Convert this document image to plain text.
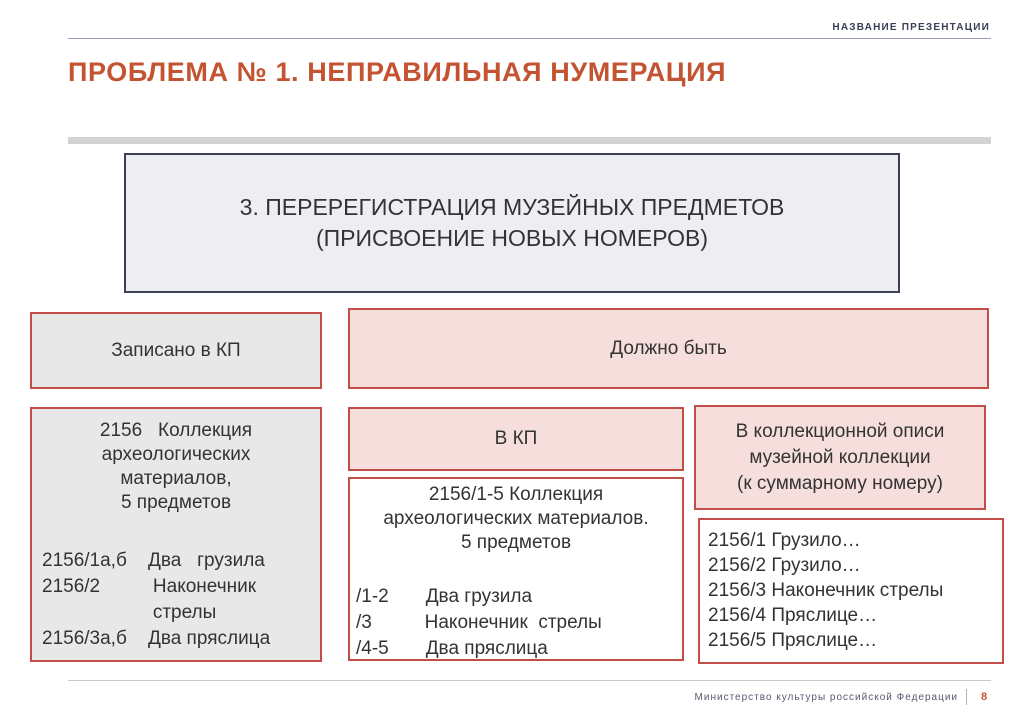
НАЗВАНИЕ ПРЕЗЕНТАЦИИ
ПРОБЛЕМА № 1. НЕПРАВИЛЬНАЯ НУМЕРАЦИЯ
3. ПЕРЕРЕГИСТРАЦИЯ МУЗЕЙНЫХ ПРЕДМЕТОВ
(ПРИСВОЕНИЕ НОВЫХ НОМЕРОВ)
Записано в КП	Должно быть
2156   Коллекция
археологических
материалов,
5 предметов
2156/1а,б    Два   грузила
2156/2          Наконечник
стрелы
2156/3а,б    Два пряслица
В КП	В коллекционной описи
музейной коллекции
(к суммарному номеру)
2156/1-5 Коллекция
археологических материалов.
5 предметов
/1-2       Два грузила
/3          Наконечник  стрелы
/4-5       Два пряслица
2156/1 Грузило…
2156/2 Грузило…
2156/3 Наконечник стрелы
2156/4 Пряслице…
2156/5 Пряслице…
Министерство культуры российской Федерации 8
